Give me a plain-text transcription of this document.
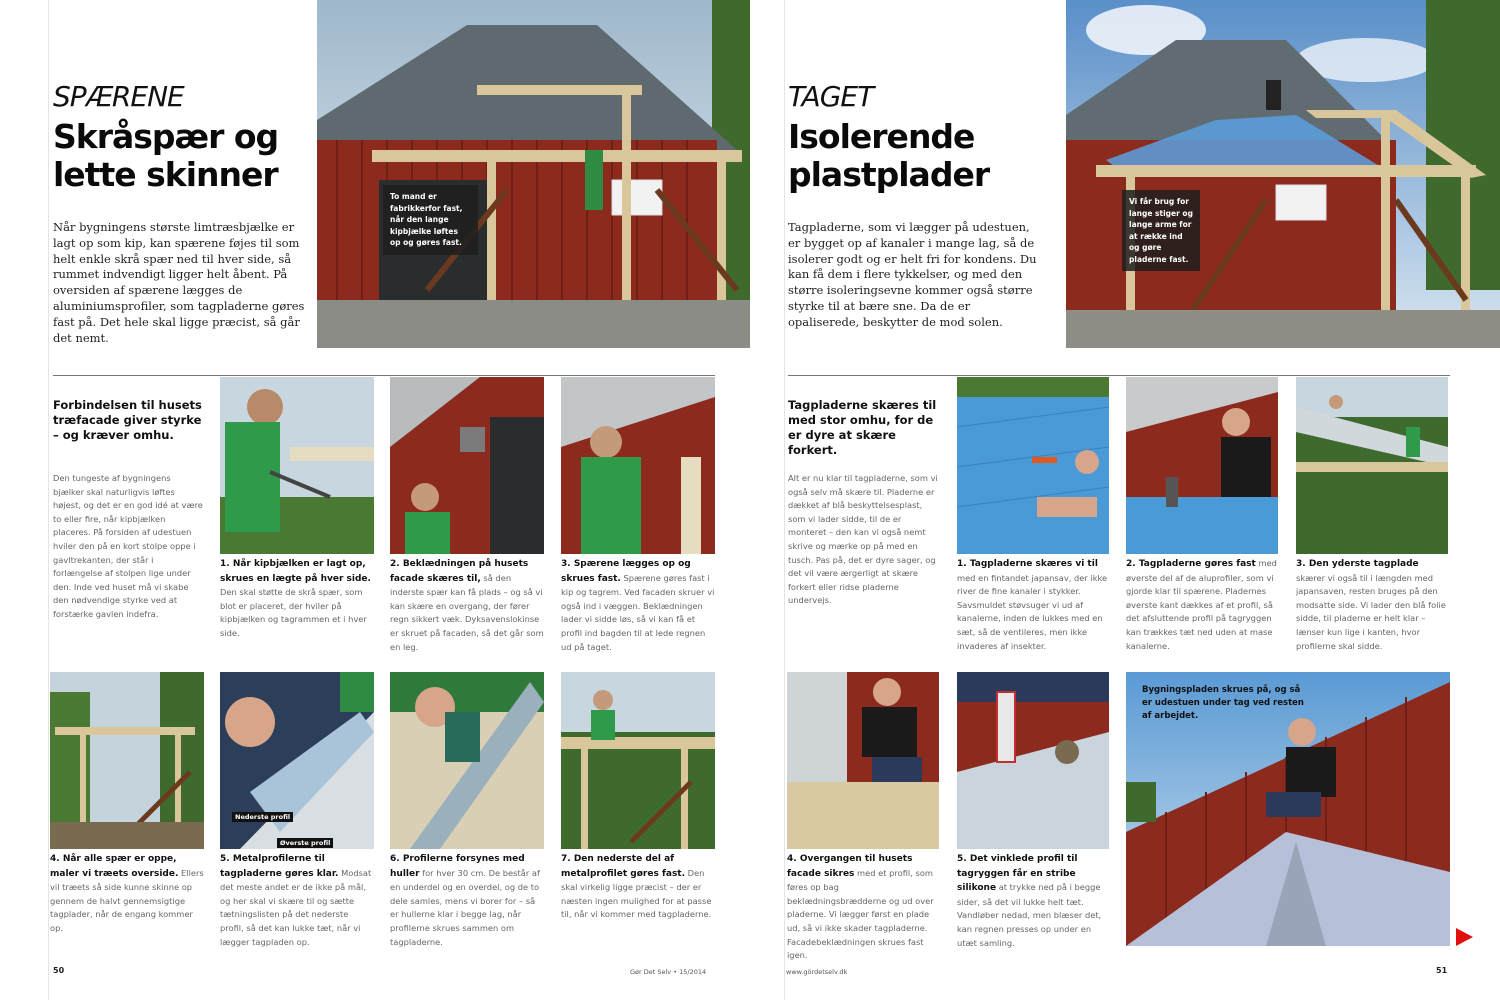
SPÆRENE
Skråspær og
lette skinner
Når bygningens største limtræsbjælke er lagt op som kip, kan spærene føjes til som helt enkle skrå spær ned til hver side, så rummet indvendigt ligger helt åbent. På oversiden af spærene lægges de aluminiumsprofiler, som tagpladerne gøres fast på. Det hele skal ligge præcist, så går det nemt.
To mand er fabrikkerfor fast, når den lange kipbjælke løftes op og gøres fast.
Forbindelsen til husets træfacade giver styrke – og kræver omhu.
Den tungeste af bygningens bjælker skal naturligvis løftes højest, og det er en god idé at være to eller fire, når kipbjælken placeres. På forsiden af udestuen hviler den på en kort stolpe oppe i gavltrekanten, der står i forlængelse af stolpen lige under den. Inde ved huset må vi skabe den nødvendige styrke ved at forstærke gavlen indefra.
1. Når kipbjælken er lagt op, skrues en lægte på hver side. Den skal støtte de skrå spær, som blot er placeret, der hviler på kipbjælken og tagrammen et i hver side.
2. Beklædningen på husets facade skæres til, så den inderste spær kan få plads – og så vi kan skære en overgang, der fører regn sikkert væk. Dyksavenslokinse er skruet på facaden, så det går som en leg.
3. Spærene lægges op og skrues fast. Spærene gøres fast i kip og tagrem. Ved facaden skruer vi også ind i væggen. Beklædningen lader vi sidde løs, så vi kan få et profil ind bagden til at lede regnen ud på taget.
Nederste profil
Øverste profil
4. Når alle spær er oppe, maler vi træets overside. Ellers vil træets så side kunne skinne op gennem de halvt gennemsigtige tagplader, når de engang kommer op.
5. Metalprofilerne til tagpladerne gøres klar. Modsat det meste andet er de ikke på mål, og her skal vi skære til og sætte tætningslisten på det nederste profil, så det kan lukke tæt, når vi lægger tagpladen op.
6. Profilerne forsynes med huller for hver 30 cm. De består af en underdel og en overdel, og de to dele samles, mens vi borer for – så er hullerne klar i begge lag, når profilerne skrues sammen om tagpladerne.
7. Den nederste del af metalprofilet gøres fast. Den skal virkelig ligge præcist – der er næsten ingen mulighed for at passe til, når vi kommer med tagpladerne.
50	Gør Det Selv • 15/2014
TAGET
Isolerende
plastplader
Tagpladerne, som vi lægger på udestuen, er bygget op af kanaler i mange lag, så de isolerer godt og er helt fri for kondens. Du kan få dem i flere tykkelser, og med den større isoleringsevne kommer også større styrke til at bære sne. Da de er opaliserede, beskytter de mod solen.
Vi får brug for lange stiger og lange arme for at række ind og gøre pladerne fast.
Tagpladerne skæres til med stor omhu, for de er dyre at skære forkert.
Alt er nu klar til tagpladerne, som vi også selv må skære til. Pladerne er dækket af blå beskyttelsesplast, som vi lader sidde, til de er monteret – den kan vi også nemt skrive og mærke op på med en tusch. Pas på, det er dyre sager, og det vil være ærgerligt at skære forkert eller ridse pladerne undervejs.
1. Tagpladerne skæres vi til med en fintandet japansav, der ikke river de fine kanaler i stykker. Savsmuldet støvsuger vi ud af kanalerne, inden de lukkes med en sæt, så de ventileres, men ikke invaderes af insekter.
2. Tagpladerne gøres fast med øverste del af de aluprofiler, som vi gjorde klar til spærene. Pladernes øverste kant dækkes af et profil, så det afsluttende profil på tagryggen kan trækkes tæt ned uden at mase kanalerne.
3. Den yderste tagplade skærer vi også til i længden med japansaven, resten bruges på den modsatte side. Vi lader den blå folie sidde, til pladerne er helt klar – lænser kun lige i kanten, hvor profilerne skal sidde.
Bygningspladen skrues på, og så er udestuen under tag ved resten af arbejdet.
4. Overgangen til husets facade sikres med et profil, som føres op bag beklædningsbrædderne og ud over pladerne. Vi lægger først en plade ud, så vi ikke skader tagpladerne. Facadebeklædningen skrues fast igen.
5. Det vinklede profil til tagryggen får en stribe silikone at trykke ned på i begge sider, så det vil lukke helt tæt. Vandløber nedad, men blæser det, kan regnen presses op under en utæt samling.
www.gördetselv.dk	51
